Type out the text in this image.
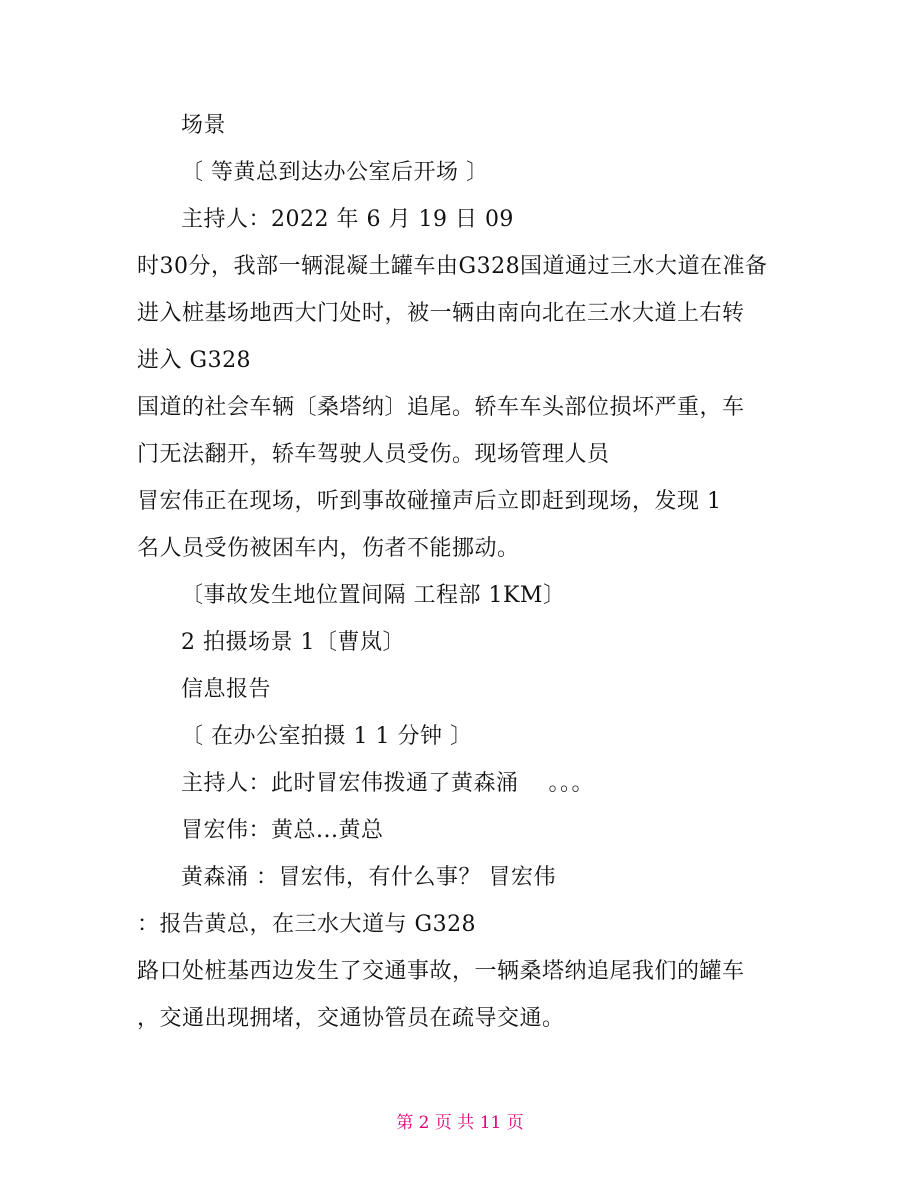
场景
〔 等黄总到达办公室后开场 〕
主持人：2022 年 6 月 19 日 09
时30分，我部一辆混凝土罐车由G328国道通过三水大道在准备
进入桩基场地西大门处时，被一辆由南向北在三水大道上右转
进入 G328
国道的社会车辆〔桑塔纳〕追尾。轿车车头部位损坏严重，车
门无法翻开，轿车驾驶人员受伤。现场管理人员
冒宏伟正在现场，听到事故碰撞声后立即赶到现场，发现 1
名人员受伤被困车内，伤者不能挪动。
〔事故发生地位置间隔 工程部 1KM〕
2 拍摄场景 1〔曹岚〕
信息报告
〔 在办公室拍摄 1 1 分钟 〕
主持人：此时冒宏伟拨通了黄森涌    。。。
冒宏伟：黄总...黄总
黄森涌 ：冒宏伟，有什么事？ 冒宏伟
：报告黄总，在三水大道与 G328
路口处桩基西边发生了交通事故，一辆桑塔纳追尾我们的罐车
，交通出现拥堵，交通协管员在疏导交通。
第 2 页 共 11 页
